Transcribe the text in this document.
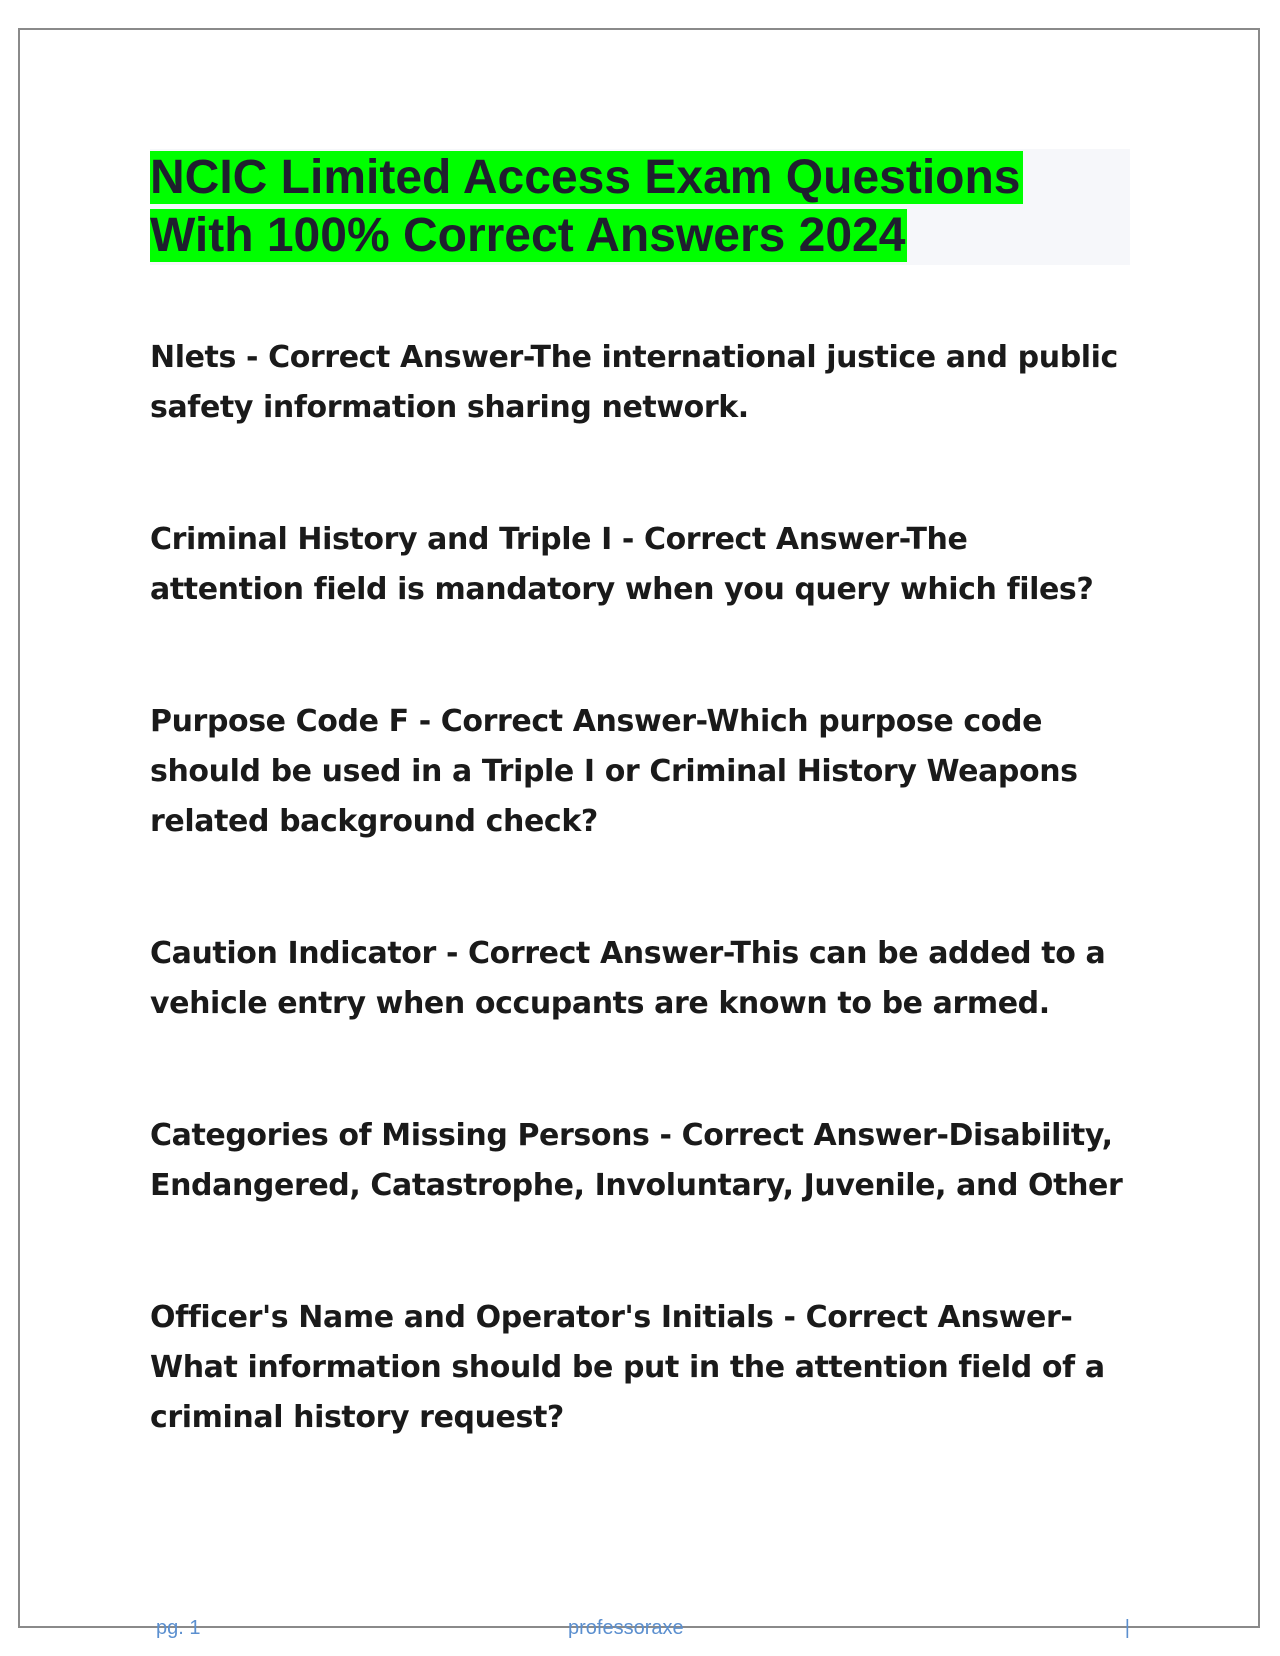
NCIC Limited Access Exam Questions With 100% Correct Answers 2024

Nlets - Correct Answer-The international justice and public safety information sharing network.

Criminal History and Triple I - Correct Answer-The attention field is mandatory when you query which files?

Purpose Code F - Correct Answer-Which purpose code should be used in a Triple I or Criminal History Weapons related background check?

Caution Indicator - Correct Answer-This can be added to a vehicle entry when occupants are known to be armed.

Categories of Missing Persons - Correct Answer-Disability, Endangered, Catastrophe, Involuntary, Juvenile, and Other

Officer's Name and Operator's Initials - Correct Answer-What information should be put in the attention field of a criminal history request?

pg. 1	professoraxe	|
